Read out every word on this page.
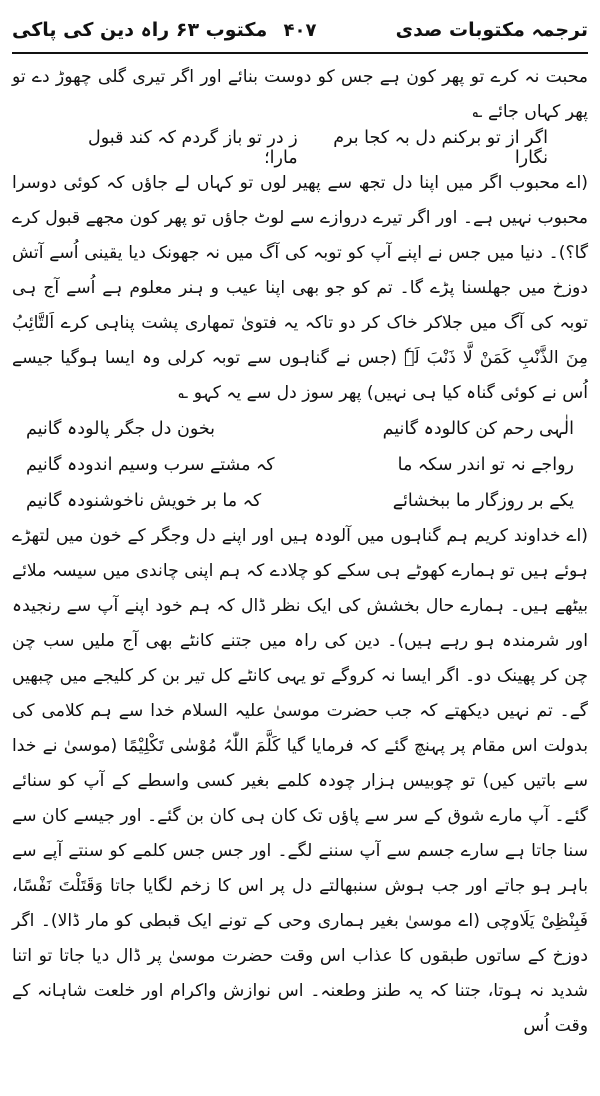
ترجمہ مکتوبات صدی
۴۰۷
مکتوب ۶۳ راہ دین کی پاکی

محبت نہ کرے تو پھر کون ہے جس کو دوست بنائے اور اگر تیری گلی چھوڑ دے تو پھر کہاں جائے ؎

اگر از تو برکنم دل بہ کجا برم نگارا
ز در تو باز گردم کہ کند قبول مارا؛

(اے محبوب اگر میں اپنا دل تجھ سے پھیر لوں تو کہاں لے جاؤں کہ کوئی دوسرا محبوب نہیں ہے۔ اور اگر تیرے دروازے سے لوٹ جاؤں تو پھر کون مجھے قبول کرے گا؟)۔ دنیا میں جس نے اپنے آپ کو توبہ کی آگ میں نہ جھونک دیا یقینی اُسے آتش دوزخ میں جھلسنا پڑے گا۔ تم کو جو بھی اپنا عیب و ہنر معلوم ہے اُسے آج ہی توبہ کی آگ میں جلاکر خاک کر دو تاکہ یہ فتویٰ تمھاری پشت پناہی کرے اَلتَّائِبُ مِنَ الذَّنْبِ کَمَنْ لَّا ذَنْبَ لَہٗ (جس نے گناہوں سے توبہ کرلی وہ ایسا ہوگیا جیسے اُس نے کوئی گناہ کیا ہی نہیں) پھر سوز دل سے یہ کہو ؎

الٰہی رحم کن کالودہ گانیم
بخون دل جگر پالودہ گانیم
رواجے نہ تو اندر سکہ ما
کہ مشتے سرب وسیم اندودہ گانیم
یکے بر روزگار ما ببخشائے
کہ ما بر خویش ناخوشنودہ گانیم

(اے خداوند کریم ہم گناہوں میں آلودہ ہیں اور اپنے دل وجگر کے خون میں لتھڑے ہوئے ہیں تو ہمارے کھوٹے ہی سکے کو چلادے کہ ہم اپنی چاندی میں سیسہ ملائے بیٹھے ہیں۔ ہمارے حال بخشش کی ایک نظر ڈال کہ ہم خود اپنے آپ سے رنجیدہ اور شرمندہ ہو رہے ہیں)۔ دین کی راہ میں جتنے کانٹے بھی آج ملیں سب چن چن کر پھینک دو۔ اگر ایسا نہ کروگے تو یہی کانٹے کل تیر بن کر کلیجے میں چبھیں گے۔ تم نہیں دیکھتے کہ جب حضرت موسیٰ علیہ السلام خدا سے ہم کلامی کی بدولت اس مقام پر پہنچ گئے کہ فرمایا گیا کَلَّمَ اللّٰہُ مُوْسٰی تَکْلِیْمًا (موسیٰ نے خدا سے باتیں کیں) تو چوبیس ہزار چودہ کلمے بغیر کسی واسطے کے آپ کو سنائے گئے۔ آپ مارے شوق کے سر سے پاؤں تک کان ہی کان بن گئے۔ اور جیسے کان سے سنا جاتا ہے سارے جسم سے آپ سننے لگے۔ اور جس جس کلمے کو سنتے آپے سے باہر ہو جاتے اور جب ہوش سنبھالتے دل پر اس کا زخم لگایا جاتا وَقَتَلْتَ نَفْسًا، فَبِنْظِیْ یَلَاوچی (اے موسیٰ بغیر ہماری وحی کے تونے ایک قبطی کو مار ڈالا)۔ اگر دوزخ کے ساتوں طبقوں کا عذاب اس وقت حضرت موسیٰ پر ڈال دیا جاتا تو اتنا شدید نہ ہوتا، جتنا کہ یہ طنز وطعنہ۔ اس نوازش واکرام اور خلعت شاہانہ کے وقت اُس
